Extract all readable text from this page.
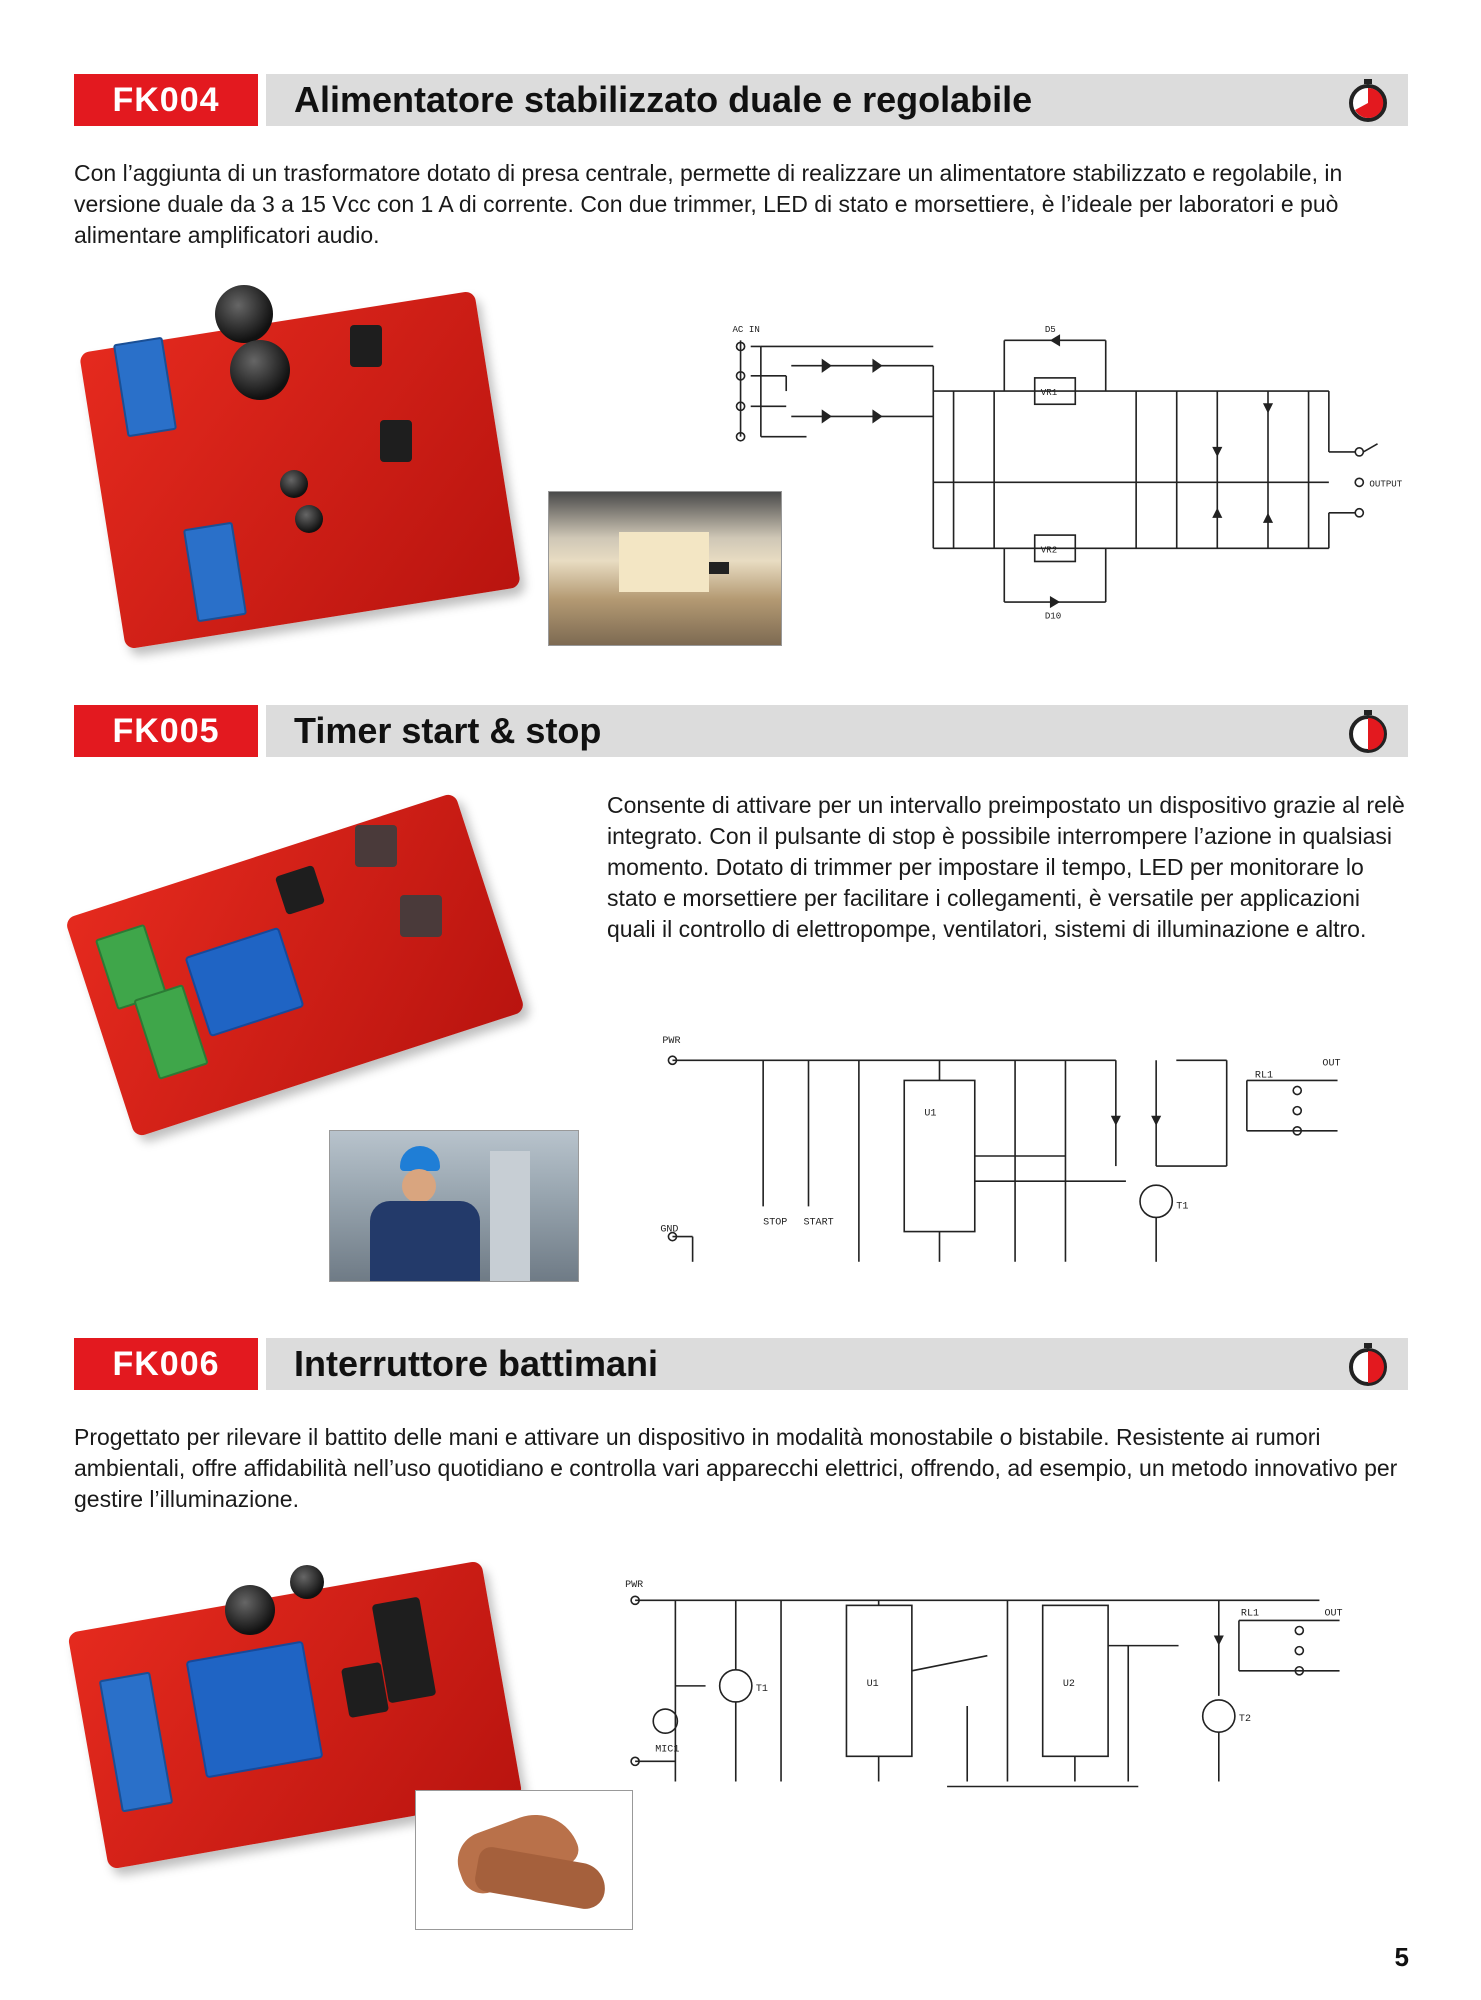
FK004	Alimentatore stabilizzato duale e regolabile
Con l’aggiunta di un trasformatore dotato di presa centrale, permette di realizzare un alimentatore stabilizzato e regolabile, in versione duale da 3 a 15 Vcc con 1 A di corrente. Con due trimmer, LED di stato e morsettiere, è l’ideale per laboratori e può alimentare amplificatori audio.
AC IN
OUTPUT
VR1
VR2
D5
D10
FK005	Timer start & stop
Consente di attivare per un intervallo preimpostato un dispositivo grazie al relè integrato. Con il pulsante di stop è possibile interrompere l’azione in qualsiasi momento. Dotato di trimmer per impostare il tempo, LED per monitorare lo stato e morsettiere per facilitare i collegamenti, è versatile per applicazioni quali il controllo di elettropompe, ventilatori, sistemi di illuminazione e altro.
PWR
GND
U1
STOP START
OUT
RL1
T1
FK006	Interruttore battimani
Progettato per rilevare il battito delle mani e attivare un dispositivo in modalità monostabile o bistabile. Resistente ai rumori ambientali, offre affidabilità nell’uso quotidiano e controlla vari apparecchi elettrici, offrendo, ad esempio, un metodo innovativo per gestire l’illuminazione.
PWR
U1	U2
MIC1
OUT
RL1
T2
T1
5
